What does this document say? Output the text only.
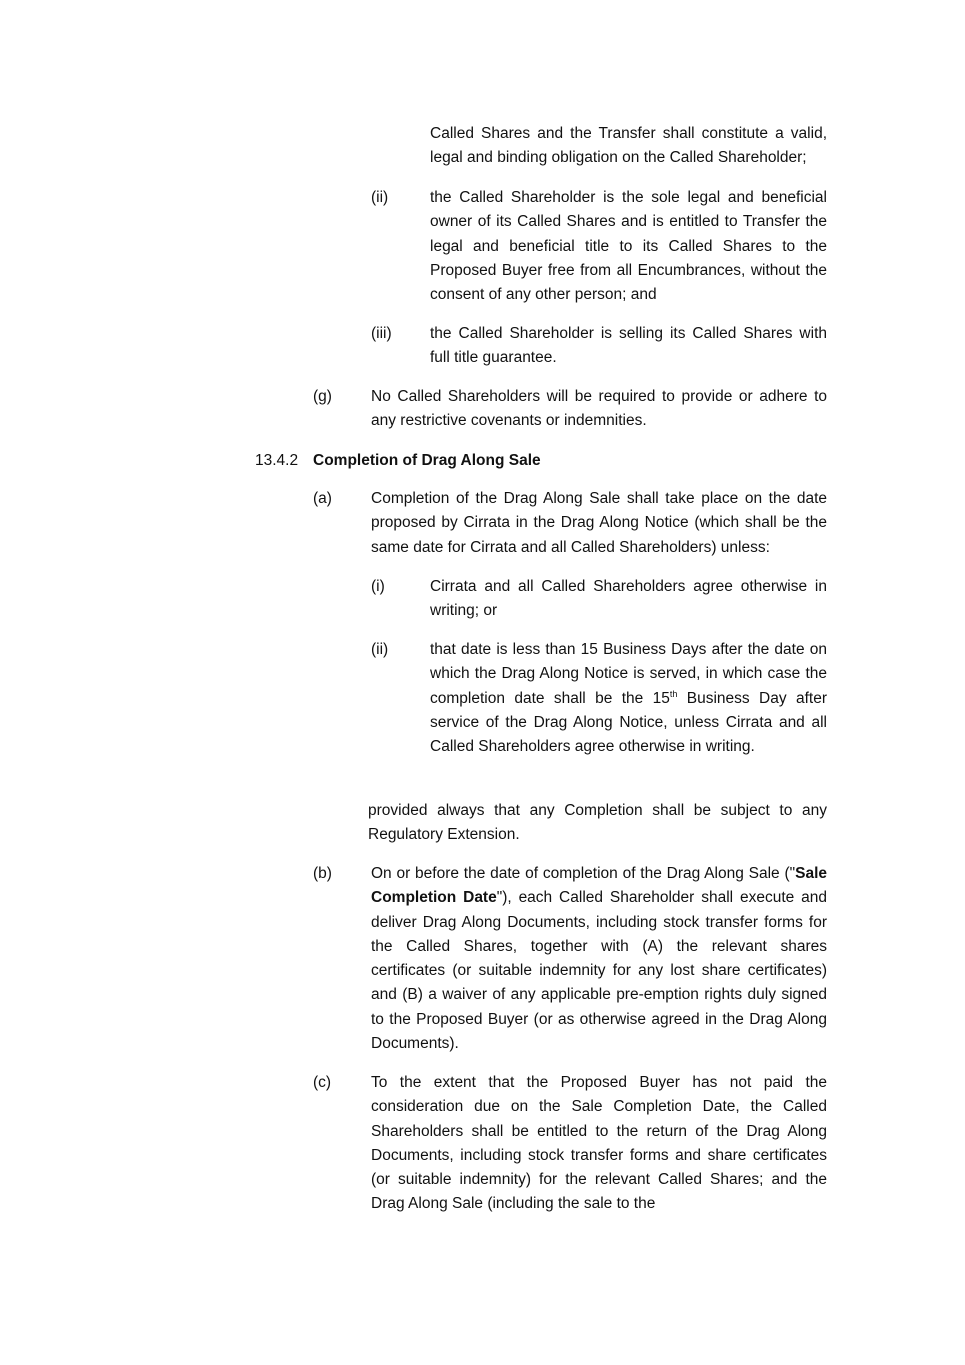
Called Shares and the Transfer shall constitute a valid, legal and binding obligation on the Called Shareholder;

(ii)	the Called Shareholder is the sole legal and beneficial owner of its Called Shares and is entitled to Transfer the legal and beneficial title to its Called Shares to the Proposed Buyer free from all Encumbrances, without the consent of any other person; and

(iii) the Called Shareholder is selling its Called Shares with full title guarantee.

(g)	No Called Shareholders will be required to provide or adhere to any restrictive covenants or indemnities.

13.4.2 Completion of Drag Along Sale

(a)	Completion of the Drag Along Sale shall take place on the date proposed by Cirrata in the Drag Along Notice (which shall be the same date for Cirrata and all Called Shareholders) unless:

(i)	Cirrata and all Called Shareholders agree otherwise in writing; or

(ii)	that date is less than 15 Business Days after the date on which the Drag Along Notice is served, in which case the completion date shall be the 15th Business Day after service of the Drag Along Notice, unless Cirrata and all Called Shareholders agree otherwise in writing.

provided always that any Completion shall be subject to any Regulatory Extension.

(b)	On or before the date of completion of the Drag Along Sale ("Sale Completion Date"), each Called Shareholder shall execute and deliver Drag Along Documents, including stock transfer forms for the Called Shares, together with (A) the relevant shares certificates (or suitable indemnity for any lost share certificates) and (B) a waiver of any applicable pre-emption rights duly signed to the Proposed Buyer (or as otherwise agreed in the Drag Along Documents).

(c)	To the extent that the Proposed Buyer has not paid the consideration due on the Sale Completion Date, the Called Shareholders shall be entitled to the return of the Drag Along Documents, including stock transfer forms and share certificates (or suitable indemnity) for the relevant Called Shares; and the Drag Along Sale (including the sale to the
